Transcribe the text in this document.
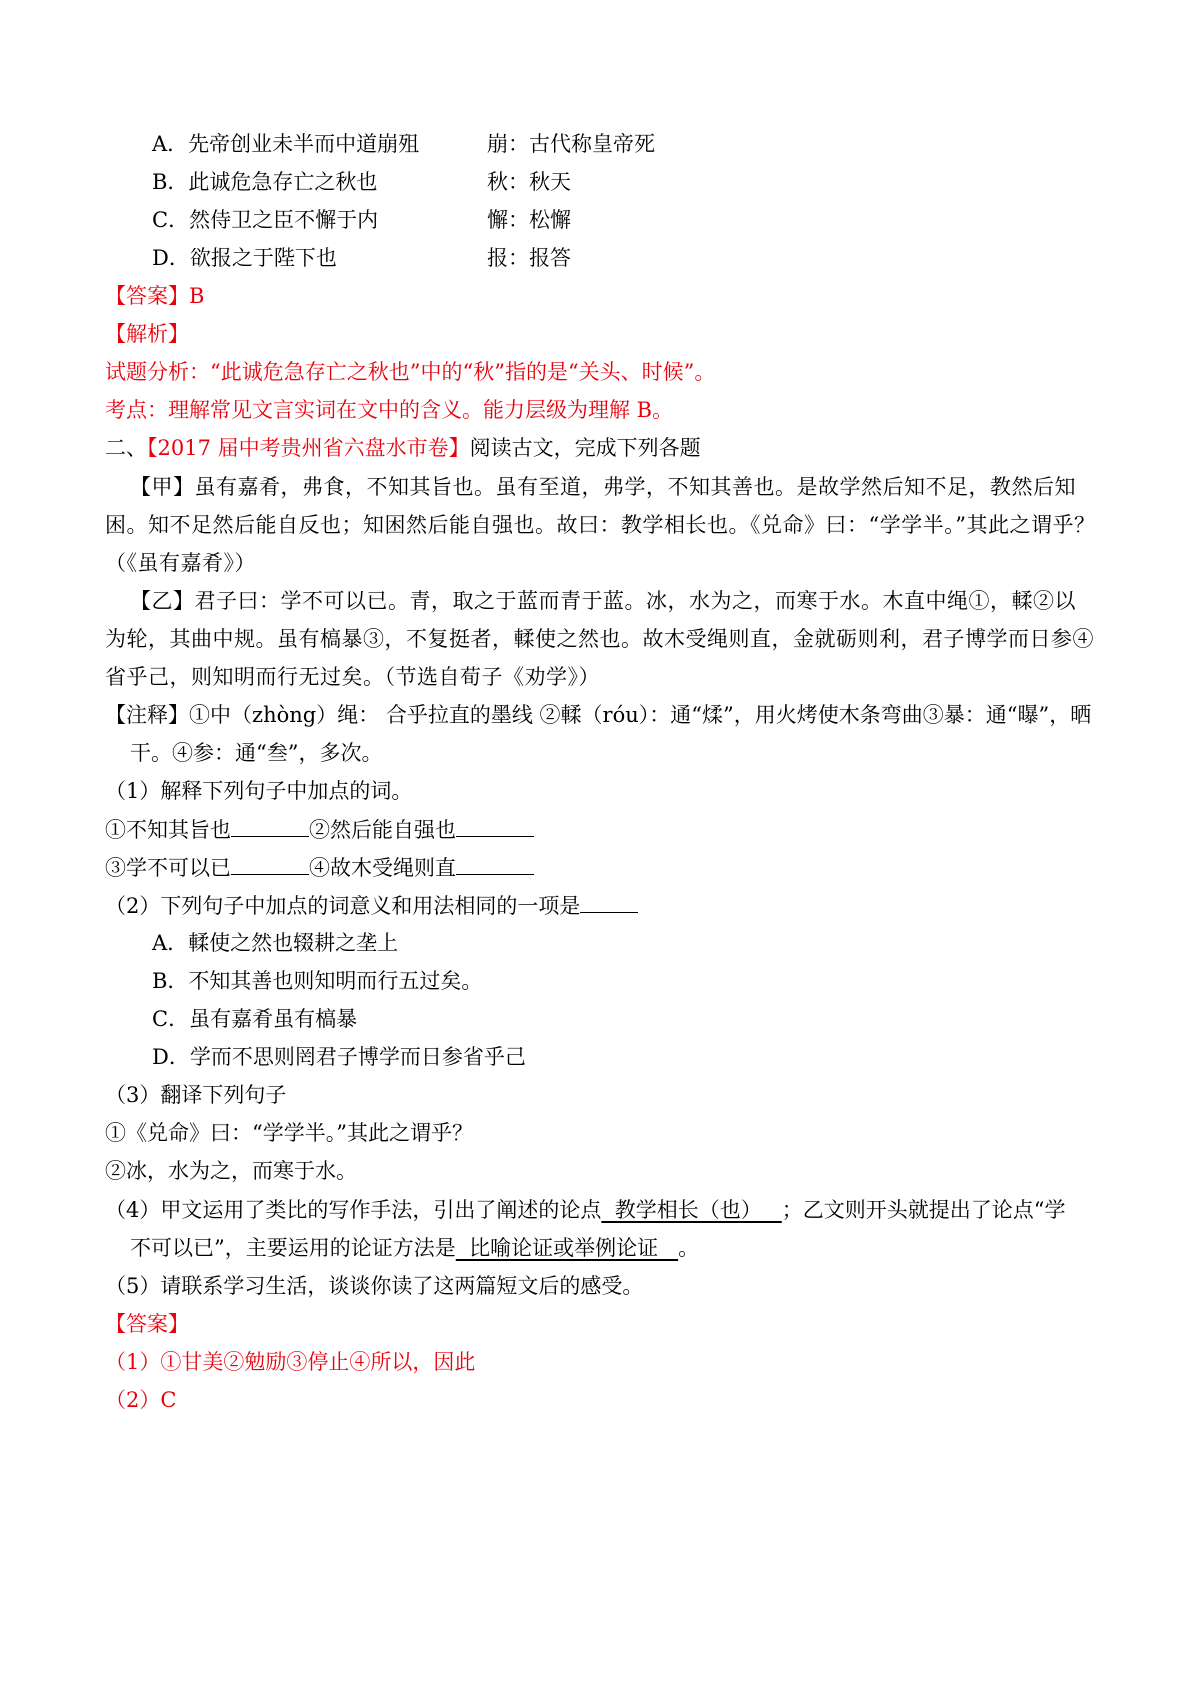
A．先帝创业未半而中道崩殂	崩：古代称皇帝死
B．此诚危急存亡之秋也	秋：秋天
C．然侍卫之臣不懈于内	懈：松懈
D．欲报之于陛下也	报：报答
【答案】B
【解析】
试题分析：“此诚危急存亡之秋也”中的“秋”指的是“关头、时候”。
考点：理解常见文言实词在文中的含义。能力层级为理解 B。
二、【2017 届中考贵州省六盘水市卷】阅读古文，完成下列各题
【甲】虽有嘉肴，弗食，不知其旨也。虽有至道，弗学，不知其善也。是故学然后知不足，教然后知
困。知不足然后能自反也；知困然后能自强也。故曰：教学相长也。《兑命》曰：“学学半。”其此之谓乎？
（《虽有嘉肴》）
【乙】君子曰：学不可以已。青，取之于蓝而青于蓝。冰，水为之，而寒于水。木直中绳①，輮②以
为轮，其曲中规。虽有槁暴③，不复挺者，輮使之然也。故木受绳则直，金就砺则利，君子博学而日参④
省乎己，则知明而行无过矣。（节选自荀子《劝学》）
【注释】①中（zhòng）绳： 合乎拉直的墨线 ②輮（róu）：通“煣”，用火烤使木条弯曲③暴：通“曝”，晒
干。④参：通“叁”，多次。
（1）解释下列句子中加点的词。
①不知其旨也	②然后能自强也
③学不可以已	④故木受绳则直
（2）下列句子中加点的词意义和用法相同的一项是
A．輮使之然也辍耕之垄上
B．不知其善也则知明而行五过矣。
C．虽有嘉肴虽有槁暴
D．学而不思则罔君子博学而日参省乎己
（3）翻译下列句子
①《兑命》曰：“学学半。”其此之谓乎？
②冰，水为之，而寒于水。
（4）甲文运用了类比的写作手法，引出了阐述的论点  教学相长（也）   ；乙文则开头就提出了论点“学
不可以已”，主要运用的论证方法是  比喻论证或举例论证   。
（5）请联系学习生活，谈谈你读了这两篇短文后的感受。
【答案】
（1）①甘美②勉励③停止④所以，因此
（2）C
